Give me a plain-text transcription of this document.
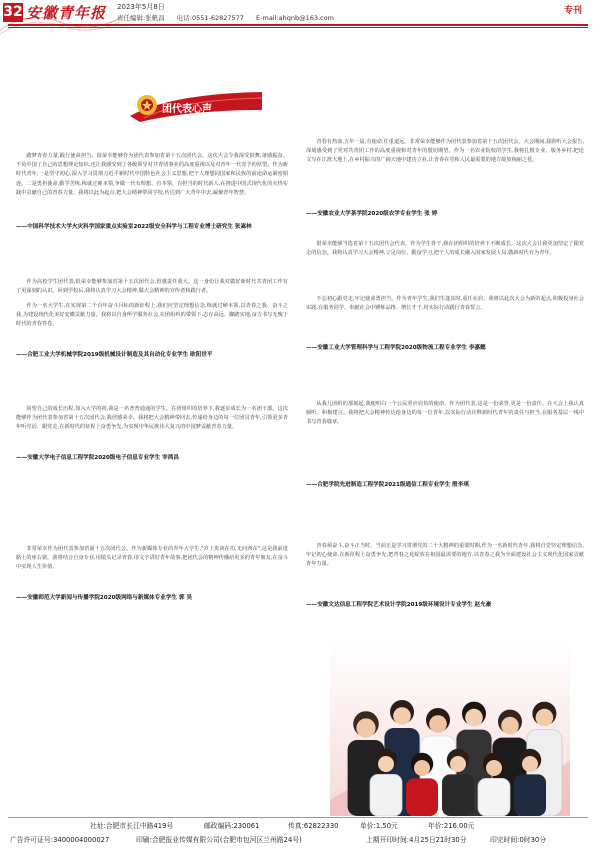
32 安徽青年报 2023年5月8日
责任编辑:张帆昌 电话:0551-62827577 E-mail:ahqnb@163.com
专刊
团代表心声
踏梦青春力量,践行使命担当。很荣幸能够作为团代表参加省第十五次团代会。这次大会令我深受鼓舞,备感振奋。不负中国了自己的思想理论知识,也让我感受到了各级领导对共青团事业的高度重视以及对青年一代寄予的厚望。作为新时代青年,一是坚守初心,深入学习贯彻习近平新时代中国特色社会主义思想,把个人理想同国家和民族的前途命运紧密相连。二是勇担使命,勤学苦练,练就过硬本领,争做一代有理想、有本领、有担当的时代新人,在推进中国式现代化的火热实践中贡献自己的青春力量。我将以此为起点,把大会精神带回学校,传达到广大青年中去,凝聚青年智慧。
——中国科学技术大学火灾科学国家重点实验室2022级安全科学与工程专业博士研究生 张嵩林
作为高校学生团代表,很荣幸能够参加省第十五次团代会,倍感责任重大。这一身份让我对做好新时代共青团工作有了更深刻的认识。回到学校后,我将认真学习大会精神,做大会精神的宣传者和践行者。
作为一名大学生,在实现第二个百年奋斗目标的新征程上,我们应坚定理想信念,练就过硬本领,以青春之我、奋斗之我,为建设现代化美好安徽贡献力量。我将以自身所学服务社会,在团组织的带领下,志存高远、脚踏实地,奋力书写无愧于时代的青春答卷。
——合肥工业大学机械学院2019级机械设计制造及其自动化专业学生 欧阳世平
回望自己的成长历程,如入大学的初,我是一名普普通通的学生。在团组织的培养下,我逐步成长为一名团干部。这次能够作为团代表参加省第十五次团代会,我倍感荣幸。我将把大会精神带回去,传递给身边的每一位团员青年,引领更多青年听党话、跟党走,在新时代的征程上奋勇争先,为实现中华民族伟大复兴的中国梦贡献青春力量。
——安徽大学电子信息工程学院2020级电子信息专业学生 宰鸿昌
非常荣幸作为团代表参加省第十五次团代会。作为新媒体专业的青年大学生,"岁上贵读在功,无问西东",这是我前进路上的座右铭。我将结合自身专业,用镜头记录青春,用文字讲好青年故事,把团代会的精神传播给更多的青年朋友,在奋斗中实现人生价值。
——安徽师范大学新闻与传播学院2020级网络与新媒体专业学生 郭 昊
青春有热血,五年一届,有使命,任重道远。非常荣幸能够作为团代表参加省第十五次团代会。大会期间,我聆听大会报告,深刻感受到了党对共青团工作的高度重视和对青年的殷切期望。作为一名农业院校的学生,我将扎根专业、服务乡村,把论文写在江淮大地上,在乡村振兴的广阔天地中建功立业,让青春在党和人民最需要的地方绽放绚丽之花。
——安徽农业大学茶学院2020级农学专业学生 张 婷
很荣幸能够当选省第十五次团代会代表。作为学生骨干,我在团组织的培养下不断成长。这次大会让我更加坚定了跟党走的信念。我将认真学习大会精神,立足岗位、勤奋学习,把个人的成长融入国家发展大局,做新时代有为青年。
不忘初心跟党走,牢记使命勇担当。作为青年学生,我们生逢其时,重任在肩。我将以此次大会为新的起点,积极投身社会实践,在服务同学、奉献社会中锤炼品格、增长才干,用实际行动践行青春誓言。
——安徽工业大学管理科学与工程学院2020级物流工程专业学生 李嘉懿
从我儿团组的那刻起,我便明白一个公民更应肩负的使命。作为团代表,这是一份荣誉,更是一份责任。在大会上我认真倾听、积极建言。我将把大会精神传达给身边的每一位青年,以实际行动诠释新时代青年的责任与担当,在服务基层一线中书写青春篇章。
——合肥学院先进制造工程学院2021级通信工程专业学生 殷李琪
青春须奋斗,奋斗正当时。当前正是学习贯彻党的二十大精神的重要时期,作为一名新时代青年,我将自觉坚定理想信念,牢记初心使命,在新征程上奋勇争先,把青春之花绽放在祖国最需要的地方,以青春之我为全面建设社会主义现代化国家贡献青年力量。
——安徽文达信息工程学院艺术设计学院2019级环境设计专业学生 赵允豪
社址:合肥市长江中路419号	邮政编码:230061	传真:62822330	单价:1.50元	年价:216.00元
广告许可证号:3400004000027	印刷:合肥报业传媒有限公司(合肥市包河区兰州路24号)	上期开印时间:4月25日21时30分	印完时间:0时30分
